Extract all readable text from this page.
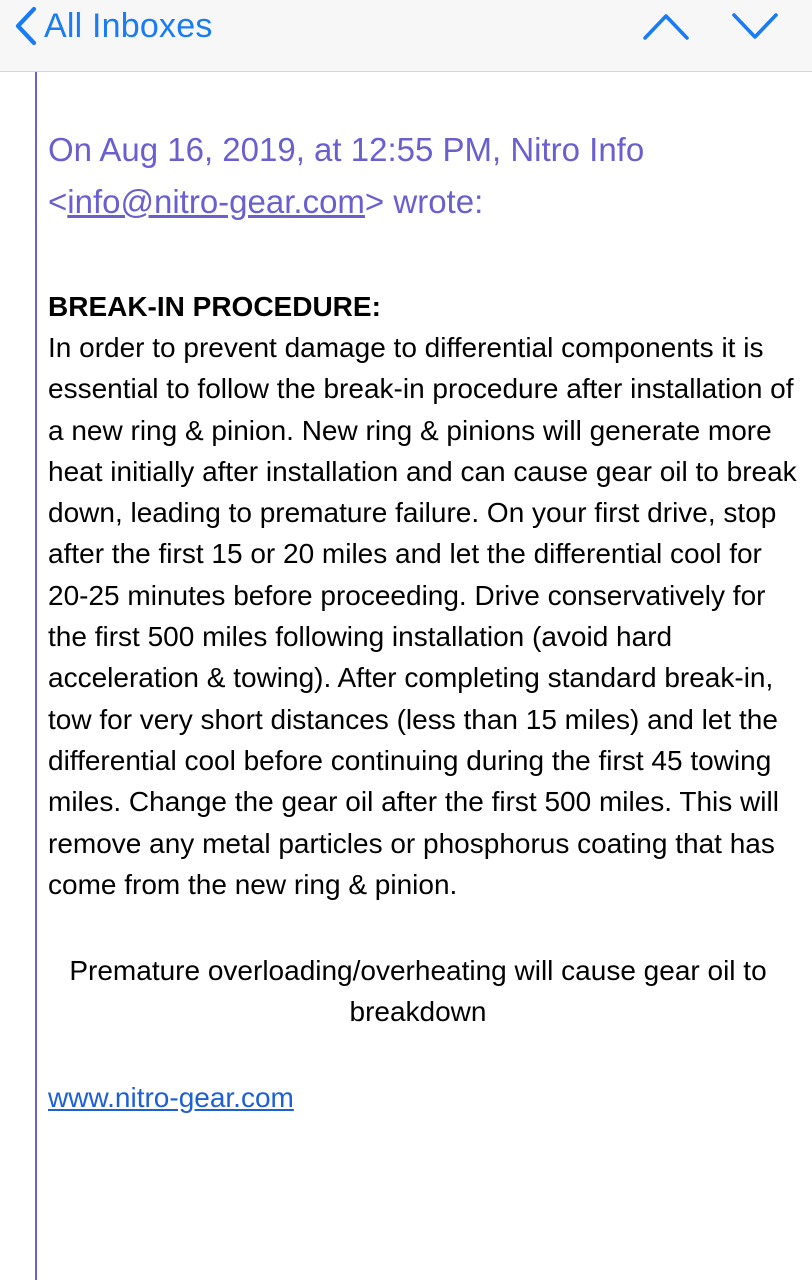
All Inboxes

On Aug 16, 2019, at 12:55 PM, Nitro Info
<info@nitro-gear.com> wrote:

BREAK-IN PROCEDURE:

In order to prevent damage to differential components it is essential to follow the break-in procedure after installation of a new ring & pinion. New ring & pinions will generate more heat initially after installation and can cause gear oil to break down, leading to premature failure. On your first drive, stop after the first 15 or 20 miles and let the differential cool for 20-25 minutes before proceeding. Drive conservatively for the first 500 miles following installation (avoid hard acceleration & towing). After completing standard break-in, tow for very short distances (less than 15 miles) and let the differential cool before continuing during the first 45 towing miles. Change the gear oil after the first 500 miles. This will remove any metal particles or phosphorus coating that has come from the new ring & pinion.

Premature overloading/overheating will cause gear oil to breakdown
www.nitro-gear.com
